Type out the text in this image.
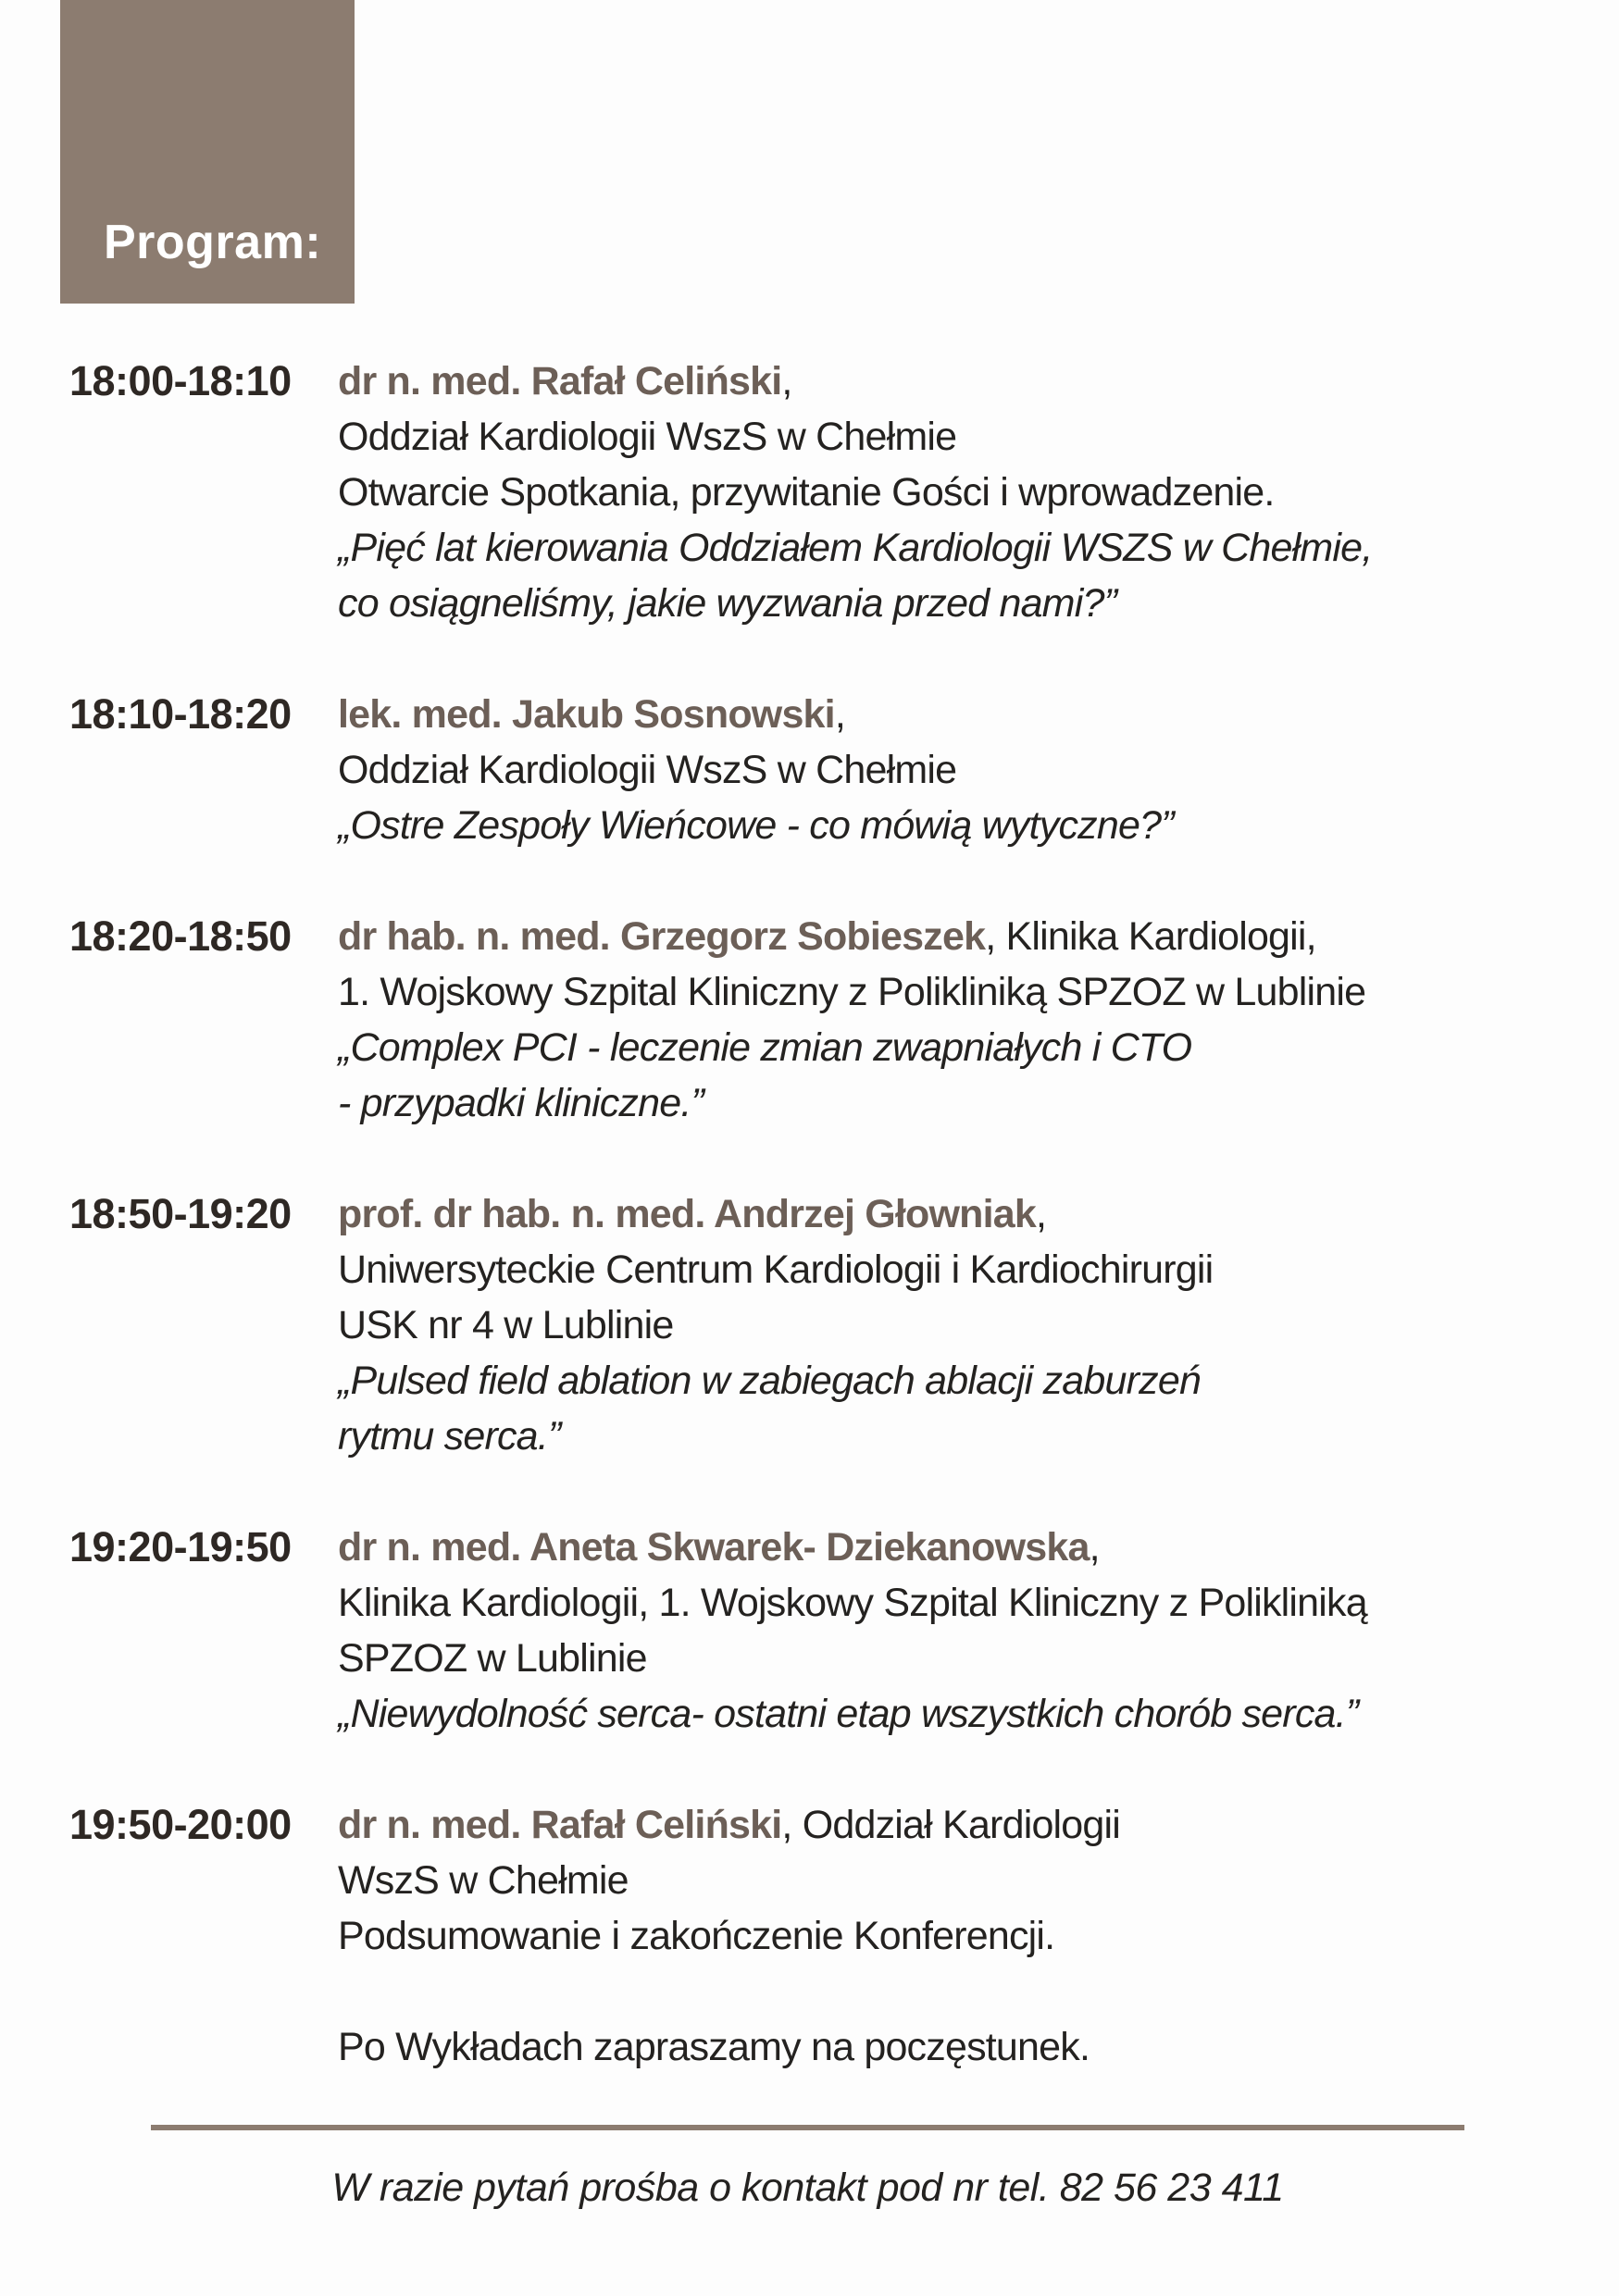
Program:
18:00-18:10	dr n. med. Rafał Celiński,
Oddział Kardiologii WszS w Chełmie
Otwarcie Spotkania, przywitanie Gości i wprowadzenie.
„Pięć lat kierowania Oddziałem Kardiologii WSZS w Chełmie,
co osiągneliśmy, jakie wyzwania przed nami?”
18:10-18:20	lek. med. Jakub Sosnowski,
Oddział Kardiologii WszS w Chełmie
„Ostre Zespoły Wieńcowe - co mówią wytyczne?”
18:20-18:50	dr hab. n. med. Grzegorz Sobieszek, Klinika Kardiologii,
1. Wojskowy Szpital Kliniczny z Polikliniką SPZOZ w Lublinie
„Complex PCI - leczenie zmian zwapniałych i CTO
- przypadki kliniczne.”
18:50-19:20	prof. dr hab. n. med. Andrzej Głowniak,
Uniwersyteckie Centrum Kardiologii i Kardiochirurgii
USK nr 4 w Lublinie
„Pulsed field ablation w zabiegach ablacji zaburzeń
rytmu serca.”
19:20-19:50	dr n. med. Aneta Skwarek- Dziekanowska,
Klinika Kardiologii, 1. Wojskowy Szpital Kliniczny z Polikliniką
SPZOZ w Lublinie
„Niewydolność serca- ostatni etap wszystkich chorób serca.”
19:50-20:00	dr n. med. Rafał Celiński, Oddział Kardiologii
WszS w Chełmie
Podsumowanie i zakończenie Konferencji.
Po Wykładach zapraszamy na poczęstunek.
W razie pytań prośba o kontakt pod nr tel. 82 56 23 411
